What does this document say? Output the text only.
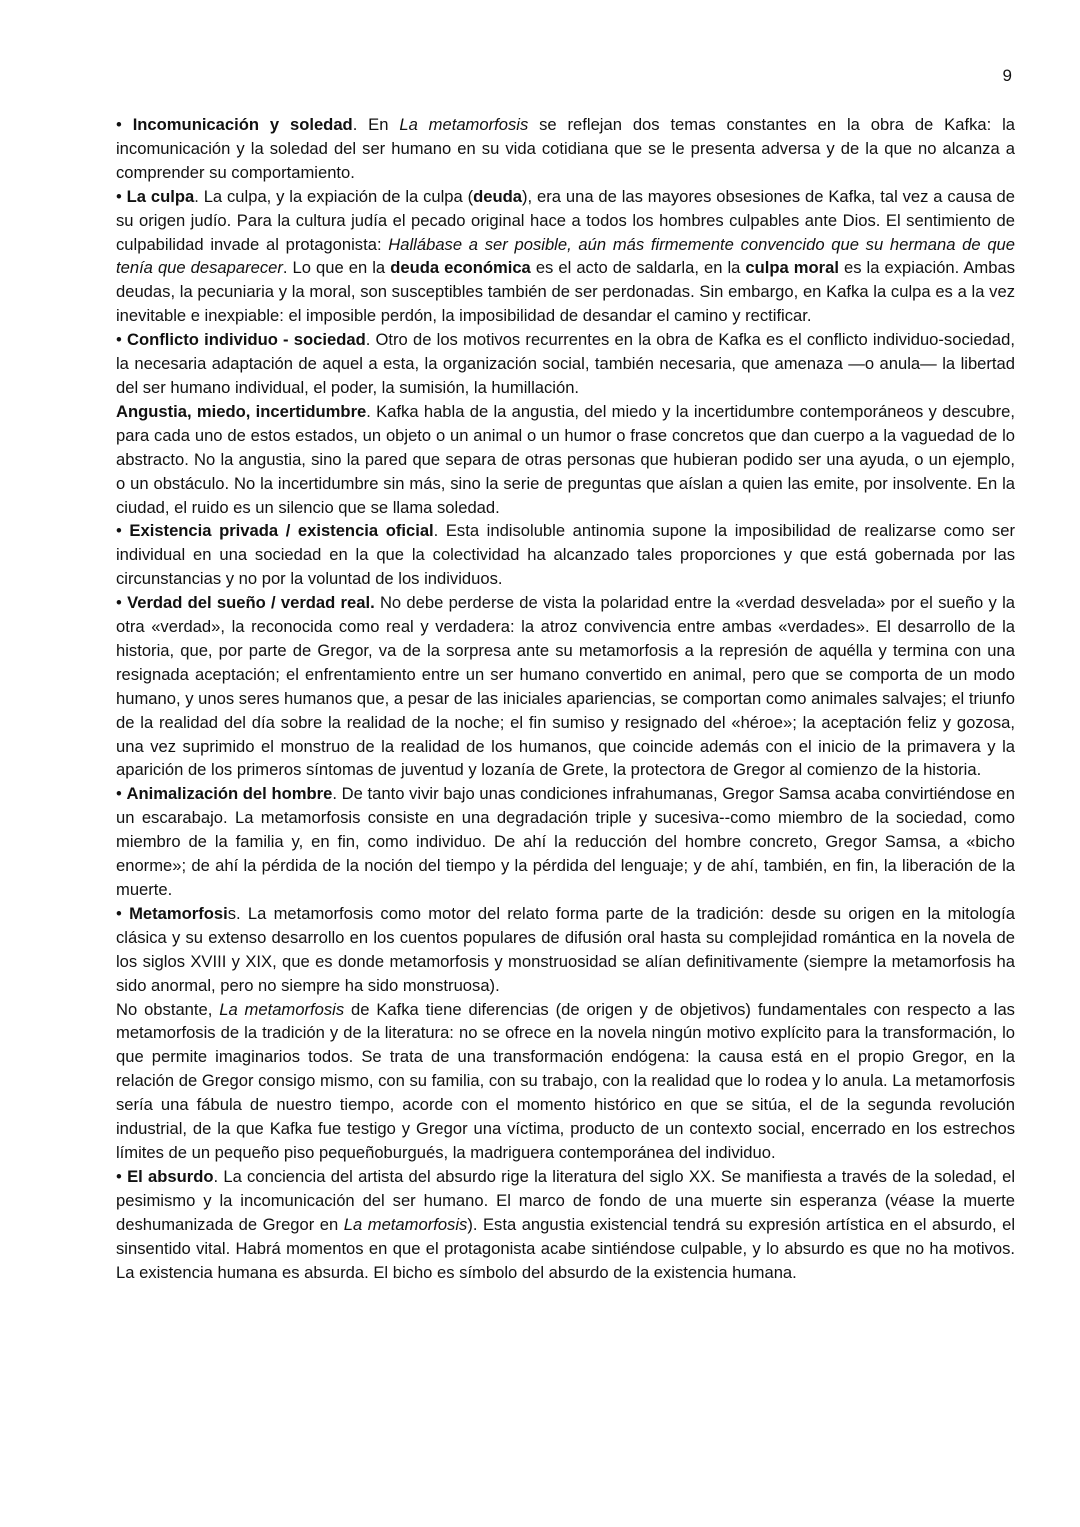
9

• Incomunicación y soledad. En La metamorfosis se reflejan dos temas constantes en la obra de Kafka: la incomunicación y la soledad del ser humano en su vida cotidiana que se le presenta adversa y de la que no alcanza a comprender su comportamiento.

• La culpa. La culpa, y la expiación de la culpa (deuda), era una de las mayores obsesiones de Kafka, tal vez a causa de su origen judío. Para la cultura judía el pecado original hace a todos los hombres culpables ante Dios. El sentimiento de culpabilidad invade al protagonista: Hallábase a ser posible, aún más firmemente convencido que su hermana de que tenía que desaparecer. Lo que en la deuda económica es el acto de saldarla, en la culpa moral es la expiación. Ambas deudas, la pecuniaria y la moral, son susceptibles también de ser perdonadas. Sin embargo, en Kafka la culpa es a la vez inevitable e inexpiable: el imposible perdón, la imposibilidad de desandar el camino y rectificar.

• Conflicto individuo - sociedad. Otro de los motivos recurrentes en la obra de Kafka es el conflicto individuo-sociedad, la necesaria adaptación de aquel a esta, la organización social, también necesaria, que amenaza —o anula— la libertad del ser humano individual, el poder, la sumisión, la humillación.

Angustia, miedo, incertidumbre. Kafka habla de la angustia, del miedo y la incertidumbre contemporáneos y descubre, para cada uno de estos estados, un objeto o un animal o un humor o frase concretos que dan cuerpo a la vaguedad de lo abstracto. No la angustia, sino la pared que separa de otras personas que hubieran podido ser una ayuda, o un ejemplo, o un obstáculo. No la incertidumbre sin más, sino la serie de preguntas que aíslan a quien las emite, por insolvente. En la ciudad, el ruido es un silencio que se llama soledad.

• Existencia privada / existencia oficial. Esta indisoluble antinomia supone la imposibilidad de realizarse como ser individual en una sociedad en la que la colectividad ha alcanzado tales proporciones y que está gobernada por las circunstancias y no por la voluntad de los individuos.

• Verdad del sueño / verdad real. No debe perderse de vista la polaridad entre la «verdad desvelada» por el sueño y la otra «verdad», la reconocida como real y verdadera: la atroz convivencia entre ambas «verdades». El desarrollo de la historia, que, por parte de Gregor, va de la sorpresa ante su metamorfosis a la represión de aquélla y termina con una resignada aceptación; el enfrentamiento entre un ser humano convertido en animal, pero que se comporta de un modo humano, y unos seres humanos que, a pesar de las iniciales apariencias, se comportan como animales salvajes; el triunfo de la realidad del día sobre la realidad de la noche; el fin sumiso y resignado del «héroe»; la aceptación feliz y gozosa, una vez suprimido el monstruo de la realidad de los humanos, que coincide además con el inicio de la primavera y la aparición de los primeros síntomas de juventud y lozanía de Grete, la protectora de Gregor al comienzo de la historia.

• Animalización del hombre. De tanto vivir bajo unas condiciones infrahumanas, Gregor Samsa acaba convirtiéndose en un escarabajo. La metamorfosis consiste en una degradación triple y sucesiva--como miembro de la sociedad, como miembro de la familia y, en fin, como individuo. De ahí la reducción del hombre concreto, Gregor Samsa, a «bicho enorme»; de ahí la pérdida de la noción del tiempo y la pérdida del lenguaje; y de ahí, también, en fin, la liberación de la muerte.

• Metamorfosis. La metamorfosis como motor del relato forma parte de la tradición: desde su origen en la mitología clásica y su extenso desarrollo en los cuentos populares de difusión oral hasta su complejidad romántica en la novela de los siglos XVIII y XIX, que es donde metamorfosis y monstruosidad se alían definitivamente (siempre la metamorfosis ha sido anormal, pero no siempre ha sido monstruosa).

No obstante, La metamorfosis de Kafka tiene diferencias (de origen y de objetivos) fundamentales con respecto a las metamorfosis de la tradición y de la literatura: no se ofrece en la novela ningún motivo explícito para la transformación, lo que permite imaginarios todos. Se trata de una transformación endógena: la causa está en el propio Gregor, en la relación de Gregor consigo mismo, con su familia, con su trabajo, con la realidad que lo rodea y lo anula. La metamorfosis sería una fábula de nuestro tiempo, acorde con el momento histórico en que se sitúa, el de la segunda revolución industrial, de la que Kafka fue testigo y Gregor una víctima, producto de un contexto social, encerrado en los estrechos límites de un pequeño piso pequeñoburgués, la madriguera contemporánea del individuo.

• El absurdo. La conciencia del artista del absurdo rige la literatura del siglo XX. Se manifiesta a través de la soledad, el pesimismo y la incomunicación del ser humano. El marco de fondo de una muerte sin esperanza (véase la muerte deshumanizada de Gregor en La metamorfosis). Esta angustia existencial tendrá su expresión artística en el absurdo, el sinsentido vital. Habrá momentos en que el protagonista acabe sintiéndose culpable, y lo absurdo es que no ha motivos. La existencia humana es absurda. El bicho es símbolo del absurdo de la existencia humana.
